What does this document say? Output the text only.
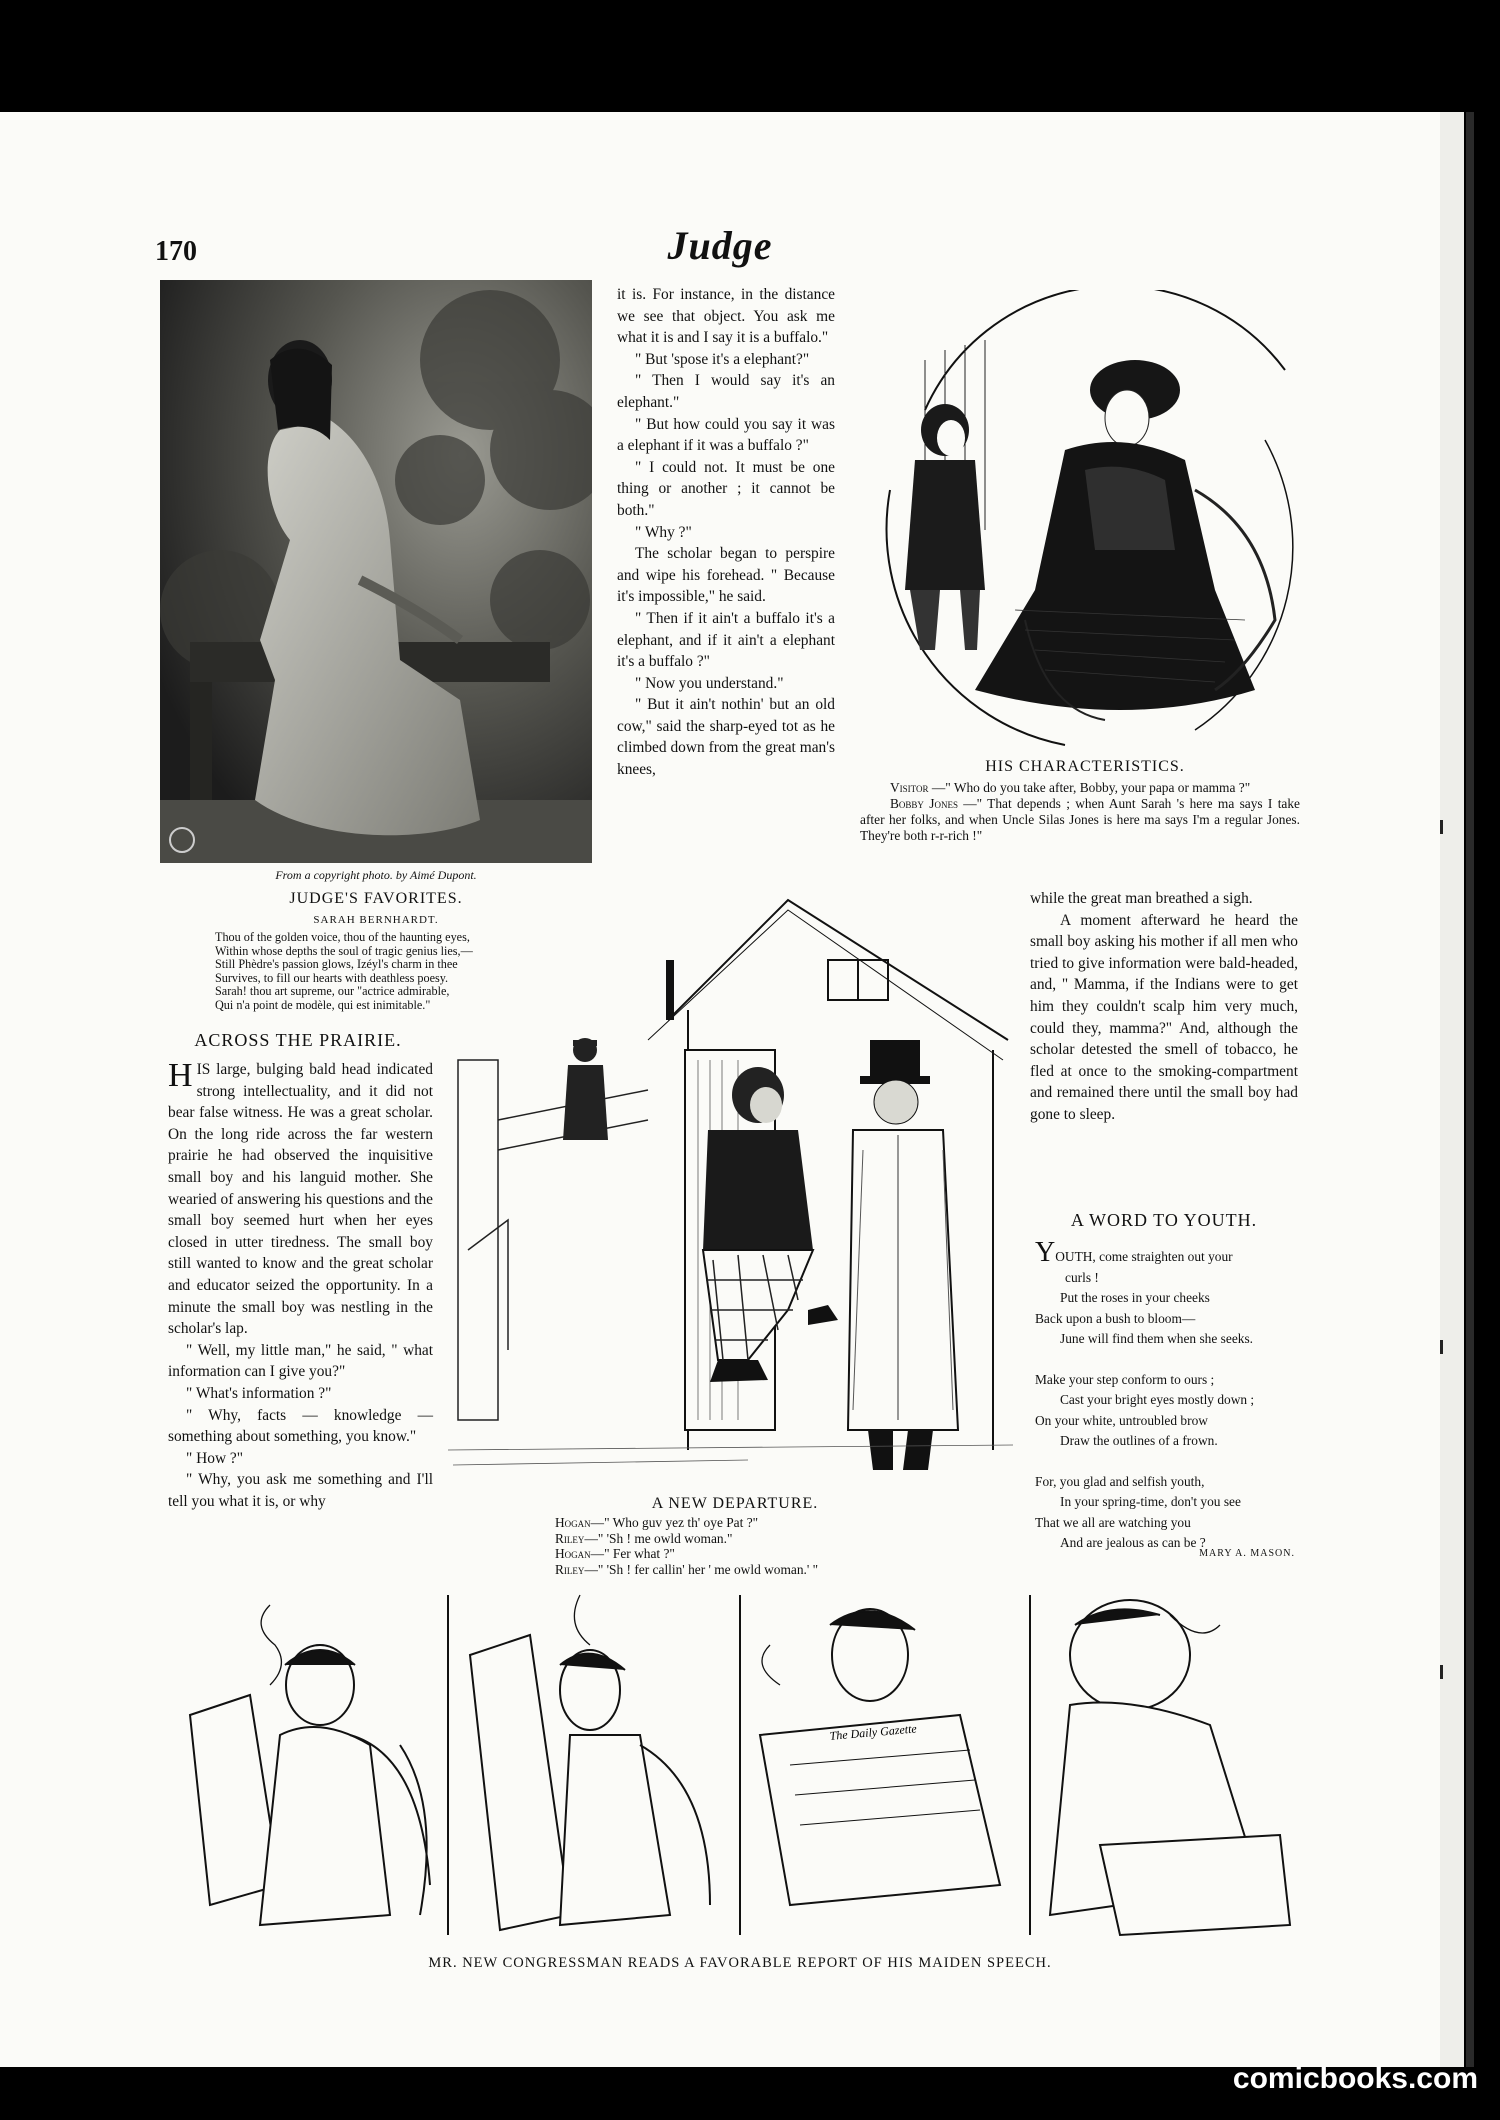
170	Judge
From a copyright photo. by Aimé Dupont.
JUDGE'S FAVORITES.
SARAH BERNHARDT.
Thou of the golden voice, thou of the haunting eyes,
Within whose depths the soul of tragic genius lies,—
Still Phèdre's passion glows, Izéyl's charm in thee
Survives, to fill our hearts with deathless poesy.
Sarah! thou art supreme, our "actrice admirable,
Qui n'a point de modèle, qui est inimitable."

it is. For instance, in the distance we see that object. You ask me what it is and I say it is a buffalo."

" But 'spose it's a elephant?"

" Then I would say it's an elephant."

" But how could you say it was a elephant if it was a buffalo ?"

" I could not. It must be one thing or another ; it cannot be both."

" Why ?"

The scholar began to perspire and wipe his forehead. " Because it's impossible," he said.

" Then if it ain't a buffalo it's a elephant, and if it ain't a elephant it's a buffalo ?"

" Now you understand."

" But it ain't nothin' but an old cow," said the sharp-eyed tot as he climbed down from the great man's knees,	HIS CHARACTERISTICS.
Visitor —" Who do you take after, Bobby, your papa or mamma ?"
Bobby Jones —" That depends ; when Aunt Sarah 's here ma says I take after her folks, and when Uncle Silas Jones is here ma says I'm a regular Jones. They're both r-r-rich !"
ACROSS THE PRAIRIE.

HIS large, bulging bald head indicated strong intellectuality, and it did not bear false witness. He was a great scholar. On the long ride across the far western prairie he had observed the inquisitive small boy and his languid mother. She wearied of answering his questions and the small boy seemed hurt when her eyes closed in utter tiredness. The small boy still wanted to know and the great scholar and educator seized the opportunity. In a minute the small boy was nestling in the scholar's lap.

" Well, my little man," he said, " what information can I give you?"

" What's information ?"

" Why, facts — knowledge — something about something, you know."

" How ?"

" Why, you ask me something and I'll tell you what it is, or why	A NEW DEPARTURE.
Hogan—" Who guv yez th' oye Pat ?"
Riley—" 'Sh ! me owld woman."
Hogan—" Fer what ?"
Riley—" 'Sh ! fer callin' her ' me owld woman.' "

while the great man breathed a sigh.

A moment afterward he heard the small boy asking his mother if all men who tried to give information were bald-headed, and, " Mamma, if the Indians were to get him they couldn't scalp him very much, could they, mamma?" And, although the scholar detested the smell of tobacco, he fled at once to the smoking-compartment and remained there until the small boy had gone to sleep.

A WORD TO YOUTH.
YOUTH, come straighten out your
curls !
Put the roses in your cheeks
Back upon a bush to bloom—
June will find them when she seeks.
Make your step conform to ours ;
Cast your bright eyes mostly down ;
On your white, untroubled brow
Draw the outlines of a frown.
For, you glad and selfish youth,
In your spring-time, don't you see
That we all are watching you
And are jealous as can be ?
MARY A. MASON.
The Daily Gazette
MR. NEW CONGRESSMAN READS A FAVORABLE REPORT OF HIS MAIDEN SPEECH.
comicbooks.com
